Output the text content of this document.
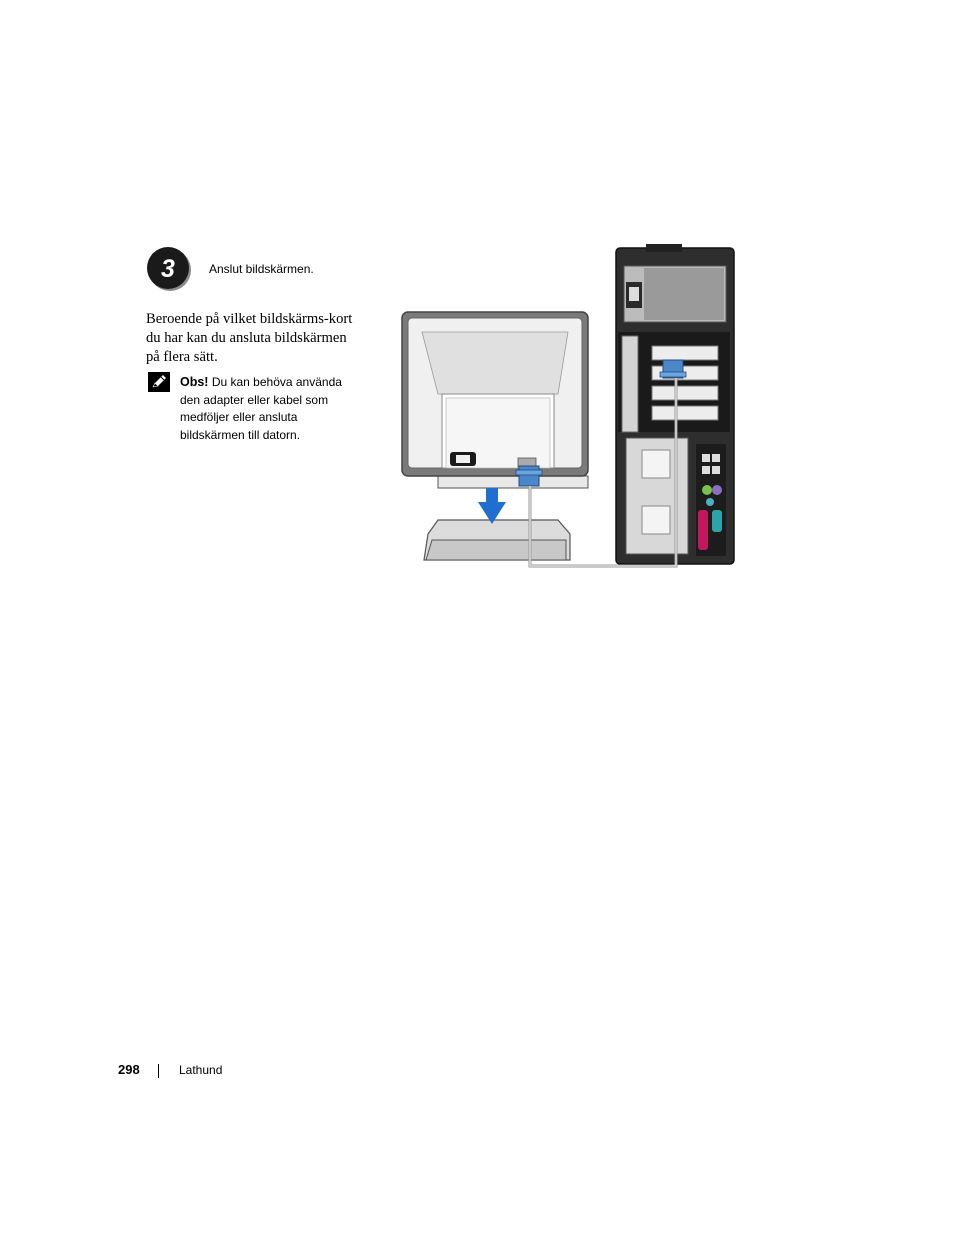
3	Anslut bildskärmen.
Beroende på vilket bildskärms-kort du har kan du ansluta bildskärmen på flera sätt.
Obs! Du kan behöva använda den adapter eller kabel som medföljer eller ansluta bildskärmen till datorn.
298	Lathund
